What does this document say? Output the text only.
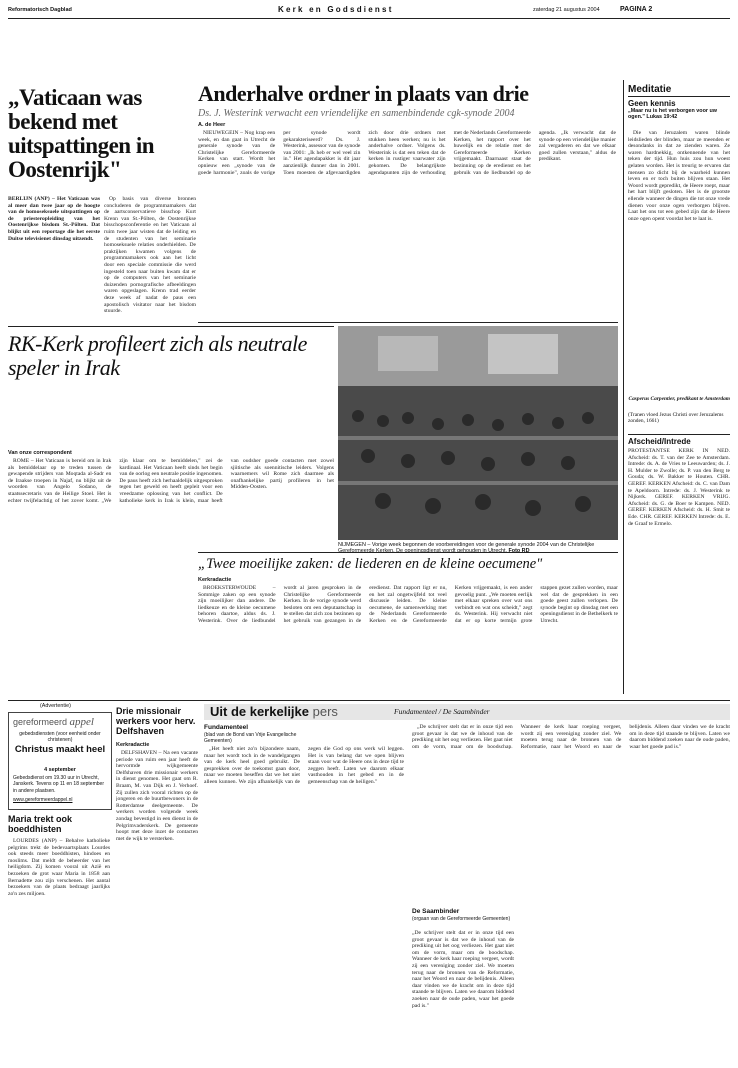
Reformatorisch Dagblad	K e r k   e n   G o d s d i e n s t	zaterdag 21 augustus 2004	PAGINA 2
„Vaticaan was bekend met uitspattingen in Oostenrijk"

BERLIJN (ANP) – Het Vaticaan was al meer dan twee jaar op de hoogte van de homoseksuele uitspattingen op de priesteropleiding van het Oostenrijkse bisdom St.-Pölten. Dat blijkt uit een reportage die het eerste Duitse televisienet dinsdag uitzendt.

Op basis van diverse bronnen concluderen de programmamakers dat de aartsconservatieve bisschop Kurt Krenn van St.-Pölten, de Oostenrijkse bisschopsconferentie en het Vaticaan al ruim twee jaar wisten dat de leiding en de studenten van het seminarie homoseksuele relaties onderhielden. De praktijken kwamen volgens de programmamakers ook aan het licht door een speciale commissie die werd ingesteld toen naar buiten kwam dat er op de computers van het seminarie duizenden pornografische afbeeldingen waren opgeslagen. Krenn trad eerder deze week af nadat de paus een apostolisch visitator naar het bisdom stuurde.

Anderhalve ordner in plaats van drie
Ds. J. Westerink verwacht een vriendelijke en samenbindende cgk-synode 2004
A. de Heer

NIEUWEGEIN – Nog krap een week, en dan gaat in Utrecht de generale synode van de Christelijke Gereformeerde Kerken van start. Wordt het opnieuw een „synode van de goede harmonie", zoals de vorige per synode wordt gekarakteriseerd? Ds. J. Westerink, assessor van de synode van 2001: „Ik heb er wel veel zin in." Het agendapakket is dit jaar aanzienlijk dunner dan in 2001. Toen moesten de afgevaardigden zich door drie ordners met stukken heen werken; nu is het anderhalve ordner. Volgens ds. Westerink is dat een teken dat de kerken in rustiger vaarwater zijn gekomen. De belangrijkste agendapunten zijn de verhouding met de Nederlands Gereformeerde Kerken, het rapport over het huwelijk en de relatie met de Gereformeerde Kerken vrijgemaakt. Daarnaast staat de bezinning op de eredienst en het gebruik van de liedbundel op de agenda. „Ik verwacht dat de synode op een vriendelijke manier zal vergaderen en dat we elkaar goed zullen verstaan," aldus de predikant.

NIJMEGEN – Vorige week begonnen de voorbereidingen voor de generale synode 2004 van de Christelijke
RK-Kerk profileert zich als neutrale speler in Irak
Van onze correspondent

ROME – Het Vaticaan is bereid om in Irak als bemiddelaar op te treden tussen de gewapende strijders van Moqtada al-Sadr en de Iraakse troepen in Najaf, nu blijkt uit de woorden van Angelo Sodano, de staatssecretaris van de Heilige Stoel. Het is echter twijfelachtig of het zover komt. „We zijn klaar om te bemiddelen," zei de kardinaal. Het Vaticaan heeft sinds het begin van de oorlog een neutrale positie ingenomen. De paus heeft zich herhaaldelijk uitgesproken tegen het geweld en heeft gepleit voor een vreedzame oplossing van het conflict. De katholieke kerk in Irak is klein, maar heeft van oudsher goede contacten met zowel sjiitische als soennitische leiders. Volgens waarnemers wil Rome zich daarmee als onafhankelijke partij profileren in het Midden-Oosten.

„Twee moeilijke zaken: de liederen en de kleine oecumene"
Kerkradactie

BROEKSTERWOUDE – Sommige zaken op een synode zijn moeilijker dan andere. De liedkeuze en de kleine oecumene behoren daartoe, aldus ds. J. Westerink. Over de liedbundel wordt al jaren gesproken in de Christelijke Gereformeerde Kerken. In de vorige synode werd besloten om een deputaatschap in te stellen dat zich zou bezinnen op het gebruik van gezangen in de eredienst. Dat rapport ligt er nu, en het zal ongetwijfeld tot veel discussie leiden. De kleine oecumene, de samenwerking met de Nederlands Gereformeerde Kerken en de Gereformeerde Kerken vrijgemaakt, is een ander gevoelig punt. „We moeten eerlijk met elkaar spreken over wat ons verbindt en wat ons scheidt," zegt ds. Westerink. Hij verwacht niet dat er op korte termijn grote stappen gezet zullen worden, maar wel dat de gesprekken in een goede geest zullen verlopen. De synode begint op dinsdag met een openingsdienst in de Bethelkerk te Utrecht.

Meditatie
Geen kennis
„Maar nu is het verborgen voor uw ogen." Lukas 19:42

Die van Jeruzalem waren blinde leidslieden der blinden, maar ze meenden er desondanks in dat ze zienden waren. Ze waren hardnekkig, ontkennende van het teken der tijd. Hun huis zou hun woest gelaten worden. Het is treurig te ervaren dat mensen zo dicht bij de waarheid kunnen leven en er toch buiten blijven staan. Het Woord wordt gepredikt, de Heere roept, maar het hart blijft gesloten. Het is de grootste ellende wanneer de dingen die tot onze vrede dienen voor onze ogen verborgen blijven. Laat het ons tot een gebed zijn dat de Heere onze ogen opent voordat het te laat is.

Casperus Carpentier, predikant te Amsterdam
(Tranen vloed Jezus Christi over Jeruzalems zonden, 1661)
Afscheid/Intrede

PROTESTANTSE KERK IN NED. Afscheid: ds. T. van der Zee te Amsterdam. Intrede: ds. A. de Vries te Leeuwarden; ds. J. H. Mulder te Zwolle; ds. P. van den Berg te Gouda; ds. W. Bakker te Houten. CHR. GEREF. KERKEN Afscheid: ds. C. van Dam te Apeldoorn. Intrede: ds. J. Westerink te Nijkerk. GEREF. KERKEN VRIJG. Afscheid: ds. G. de Boer te Kampen. NED. GEREF. KERKEN Afscheid: ds. H. Smit te Ede. CHR. GEREF. KERKEN Intrede: ds. E. de Graaf te Ermelo.

(Advertentie)
gereformeerd appel
gebedsdiensten (voor eenheid onder christenen)
Christus maakt heel
4 september
Gebedsdienst om 19.30 uur in Utrecht, Janskerk. Tevens op 11 en 18 september in andere plaatsen.
www.gereformeerdappel.nl
Maria trekt ook boeddhisten

LOURDES (ANP) – Behalve katholieke pelgrims trekt de bedevaartsplaats Lourdes ook steeds meer boeddhisten, hindoes en moslims. Dat meldt de beheerder van het heiligdom. Zij komen vooral uit Azië en bezoeken de grot waar Maria in 1858 aan Bernadette zou zijn verschenen. Het aantal bezoekers van de plaats bedraagt jaarlijks zo'n zes miljoen.

Drie missionair werkers voor herv. Delfshaven
Kerkradactie

DELFSHAVEN – Na een vacante periode van ruim een jaar heeft de hervormde wijkgemeente Delfshaven drie missionair werkers in dienst genomen. Het gaat om R. Braam, M. van Dijk en J. Verhoef. Zij zullen zich vooral richten op de jongeren en de buurtbewoners in de Rotterdamse deelgemeente. De werkers worden volgende week zondag bevestigd in een dienst in de Pelgrimvaderskerk. De gemeente hoopt met deze inzet de contacten met de wijk te versterken.

Uit de kerkelijke pers	Fundamenteel / De Saambinder
Fundamenteel
(blad van de Bond van Vrije Evangelische Gemeenten)

„Het heeft niet zo'n bijzondere naam, maar het wordt toch in de wandelgangen van de kerk heel goed gebruikt. De gesprekken over de toekomst gaan door, maar we moeten beseffen dat we het niet alleen kunnen. We zijn afhankelijk van de zegen die God op ons werk wil leggen. Het is van belang dat we open blijven staan voor wat de Heere ons in deze tijd te zeggen heeft. Laten we daarom elkaar vasthouden in het gebed en in de gemeenschap van de heiligen."

De Saambinder
(orgaan van de Gereformeerde Gemeenten)

„De schrijver stelt dat er in onze tijd een groot gevaar is dat we de inhoud van de prediking uit het oog verliezen. Het gaat niet om de vorm, maar om de boodschap. Wanneer de kerk haar roeping vergeet, wordt zij een vereniging zonder ziel. We moeten terug naar de bronnen van de Reformatie, naar het Woord en naar de belijdenis. Alleen daar vinden we de kracht om in deze tijd staande te blijven. Laten we daarom biddend zoeken naar de oude paden, waar het goede pad is."

„De schrijver stelt dat er in onze tijd een groot gevaar is dat we de inhoud van de prediking uit het oog verliezen. Het gaat niet om de vorm, maar om de boodschap. Wanneer de kerk haar roeping vergeet, wordt zij een vereniging zonder ziel. We moeten terug naar de bronnen van de Reformatie, naar het Woord en naar de belijdenis. Alleen daar vinden we de kracht om in deze tijd staande te blijven. Laten we daarom biddend zoeken naar de oude paden, waar het goede pad is."
